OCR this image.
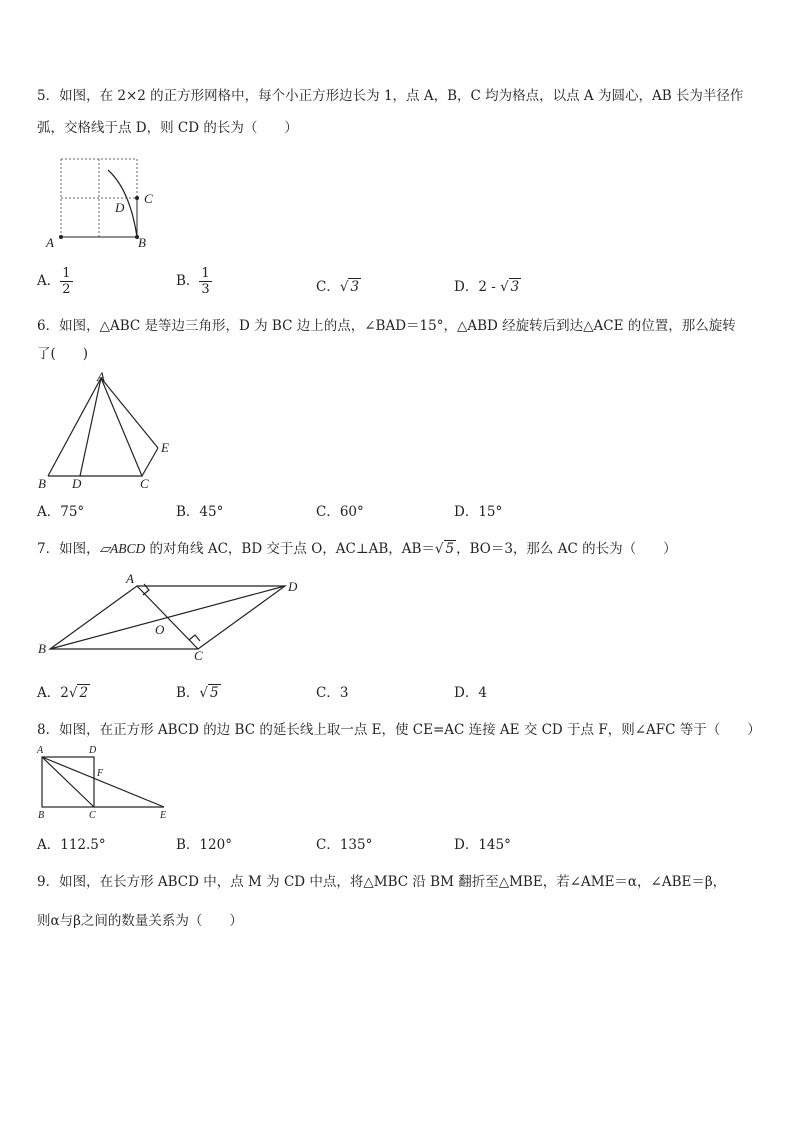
5．如图，在 2×2 的正方形网格中，每个小正方形边长为 1，点 A，B，C 均为格点，以点 A 为圆心，AB 长为半径作
弧，交格线于点 D，则 CD 的长为（　　）
A	B
C
D
A． $\frac{1}{2}$	B． $\frac{1}{3}$	C．√ 3	D．2 - √ 3
6．如图，△ABC 是等边三角形，D 为 BC 边上的点，∠BAD＝15°，△ABD 经旋转后到达△ACE 的位置，那么旋转
了(　　)
A
B D	C
E
A．75°	B．45°	C．60°	D．15°
7．如图，▱ABCD 的对角线 AC，BD 交于点 O，AC⊥AB，AB＝√ 5 ，BO＝3，那么 AC 的长为（　　）
A
B	C
D
O
A．2√ 2	B．√ 5	C．3	D．4
8．如图，在正方形 ABCD 的边 BC 的延长线上取一点 E，使 CE=AC 连接 AE 交 CD 于点 F，则∠AFC 等于（　　）
A	D
B	C	E
F
A．112.5°	B．120°	C．135°	D．145°
9．如图，在长方形 ABCD 中，点 M 为 CD 中点，将△MBC 沿 BM 翻折至△MBE，若∠AME＝α，∠ABE＝β，
则α与β之间的数量关系为（　　）
